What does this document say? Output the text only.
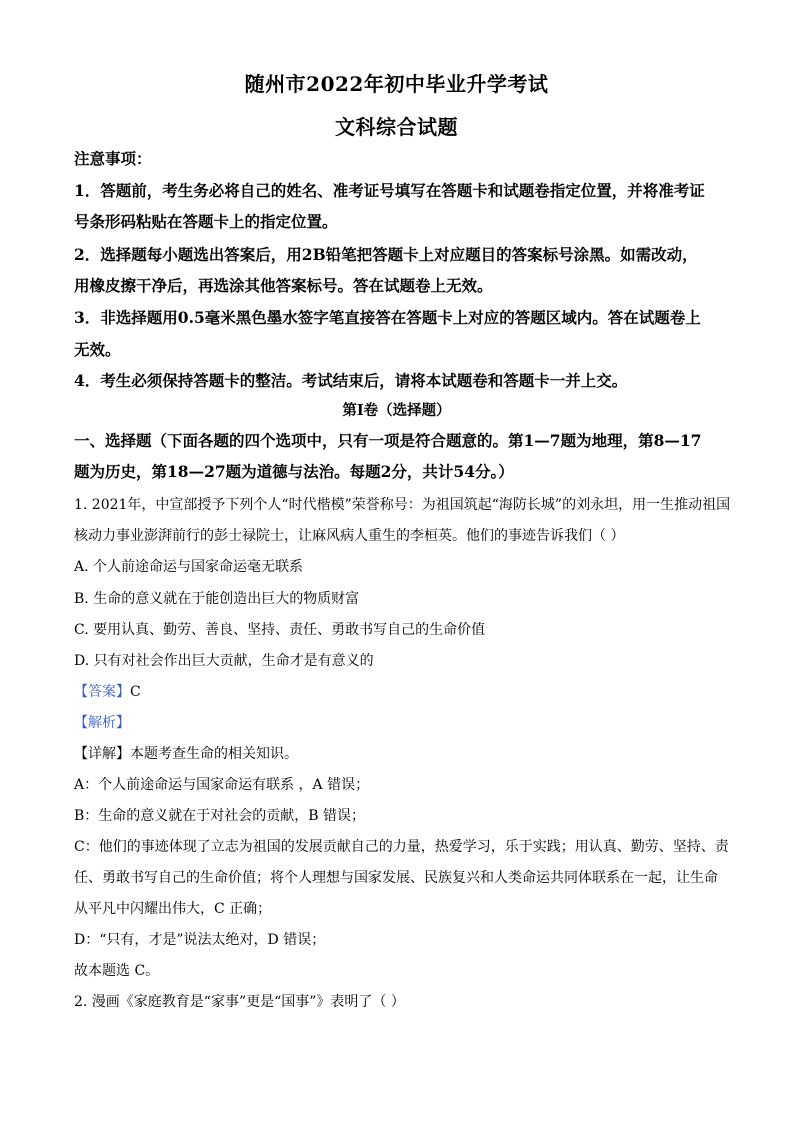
随州市2022年初中毕业升学考试
文科综合试题
注意事项：
1．答题前，考生务必将自己的姓名、准考证号填写在答题卡和试题卷指定位置，并将准考证
号条形码粘贴在答题卡上的指定位置。
2．选择题每小题选出答案后，用2B铅笔把答题卡上对应题目的答案标号涂黑。如需改动，
用橡皮擦干净后，再选涂其他答案标号。答在试题卷上无效。
3．非选择题用0.5毫米黑色墨水签字笔直接答在答题卡上对应的答题区域内。答在试题卷上
无效。
4．考生必须保持答题卡的整洁。考试结束后，请将本试题卷和答题卡一并上交。
第I卷（选择题）
一、选择题（下面各题的四个选项中，只有一项是符合题意的。第1—7题为地理，第8—17
题为历史，第18—27题为道德与法治。每题2分，共计54分。）
1. 2021年，中宣部授予下列个人“时代楷模”荣誉称号：为祖国筑起“海防长城”的刘永坦，用一生推动祖国
核动力事业澎湃前行的彭士禄院士，让麻风病人重生的李桓英。他们的事迹告诉我们（ ）
A. 个人前途命运与国家命运毫无联系
B. 生命的意义就在于能创造出巨大的物质财富
C. 要用认真、勤劳、善良、坚持、责任、勇敢书写自己的生命价值
D. 只有对社会作出巨大贡献，生命才是有意义的
【答案】C
【解析】
【详解】本题考查生命的相关知识。
A：个人前途命运与国家命运有联系 ，A 错误；
B：生命的意义就在于对社会的贡献，B 错误；
C：他们的事迹体现了立志为祖国的发展贡献自己的力量，热爱学习，乐于实践；用认真、勤劳、坚持、责
任、勇敢书写自己的生命价值；将个人理想与国家发展、民族复兴和人类命运共同体联系在一起，让生命
从平凡中闪耀出伟大，C 正确；
D：“只有，才是”说法太绝对，D 错误；
故本题选 C。
2. 漫画《家庭教育是“家事”更是“国事”》表明了（ ）
